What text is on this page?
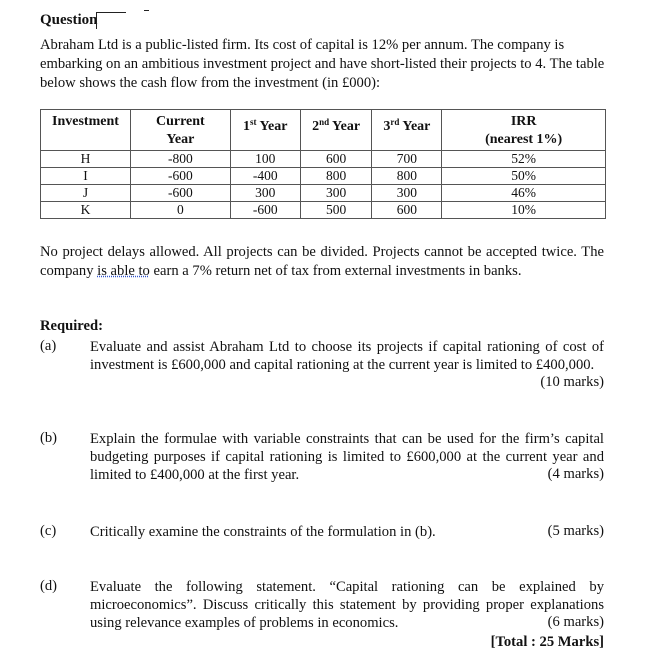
Question
Abraham Ltd is a public-listed firm. Its cost of capital is 12% per annum. The company is embarking on an ambitious investment project and have short-listed their projects to 4. The table below shows the cash flow from the investment (in £000):
Investment	Current Year	1st Year	2nd Year	3rd Year	IRR
(nearest 1%)
H	-800	100	600	700	52%
I	-600	-400	800	800	50%
J	-600	300	300	300	46%
K	0	-600	500	600	10%
No project delays allowed. All projects can be divided. Projects cannot be accepted twice. The company is able to earn a 7% return net of tax from external investments in banks.
Required:
(a) Evaluate and assist Abraham Ltd to choose its projects if capital rationing of cost of investment is £600,000 and capital rationing at the current year is limited to £400,000.
(10 marks)
(b) Explain the formulae with variable constraints that can be used for the firm’s capital budgeting purposes if capital rationing is limited to £600,000 at the current year and limited to £400,000 at the first year.	(4 marks)
(c) Critically examine the constraints of the formulation in (b).	(5 marks)
(d) Evaluate the following statement. “Capital rationing can be explained by microeconomics”. Discuss critically this statement by providing proper explanations using relevance examples of problems in economics.	(6 marks)
[Total : 25 Marks]
